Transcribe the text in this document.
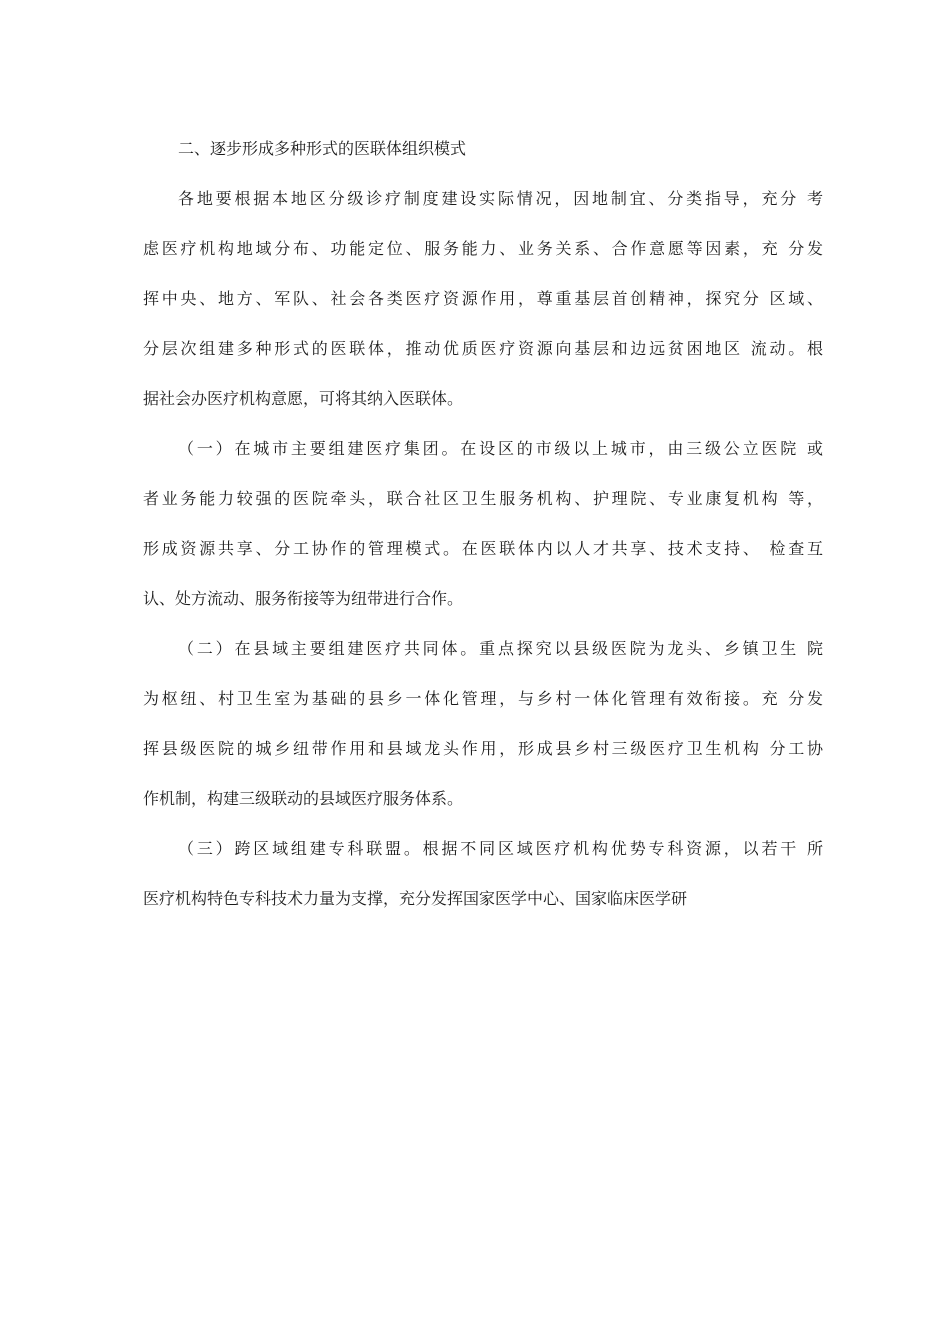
二、逐步形成多种形式的医联体组织模式
各地要根据本地区分级诊疗制度建设实际情况，因地制宜、分类指导，充分 考
虑医疗机构地域分布、功能定位、服务能力、业务关系、合作意愿等因素，充 分发
挥中央、地方、军队、社会各类医疗资源作用，尊重基层首创精神，探究分 区域、
分层次组建多种形式的医联体，推动优质医疗资源向基层和边远贫困地区 流动。根
据社会办医疗机构意愿，可将其纳入医联体。
（一）在城市主要组建医疗集团。在设区的市级以上城市，由三级公立医院 或
者业务能力较强的医院牵头，联合社区卫生服务机构、护理院、专业康复机构 等，
形成资源共享、分工协作的管理模式。在医联体内以人才共享、技术支持、 检查互
认、处方流动、服务衔接等为纽带进行合作。
（二）在县域主要组建医疗共同体。重点探究以县级医院为龙头、乡镇卫生 院
为枢纽、村卫生室为基础的县乡一体化管理，与乡村一体化管理有效衔接。充 分发
挥县级医院的城乡纽带作用和县域龙头作用，形成县乡村三级医疗卫生机构 分工协
作机制，构建三级联动的县域医疗服务体系。
（三）跨区域组建专科联盟。根据不同区域医疗机构优势专科资源，以若干 所
医疗机构特色专科技术力量为支撑，充分发挥国家医学中心、国家临床医学研
